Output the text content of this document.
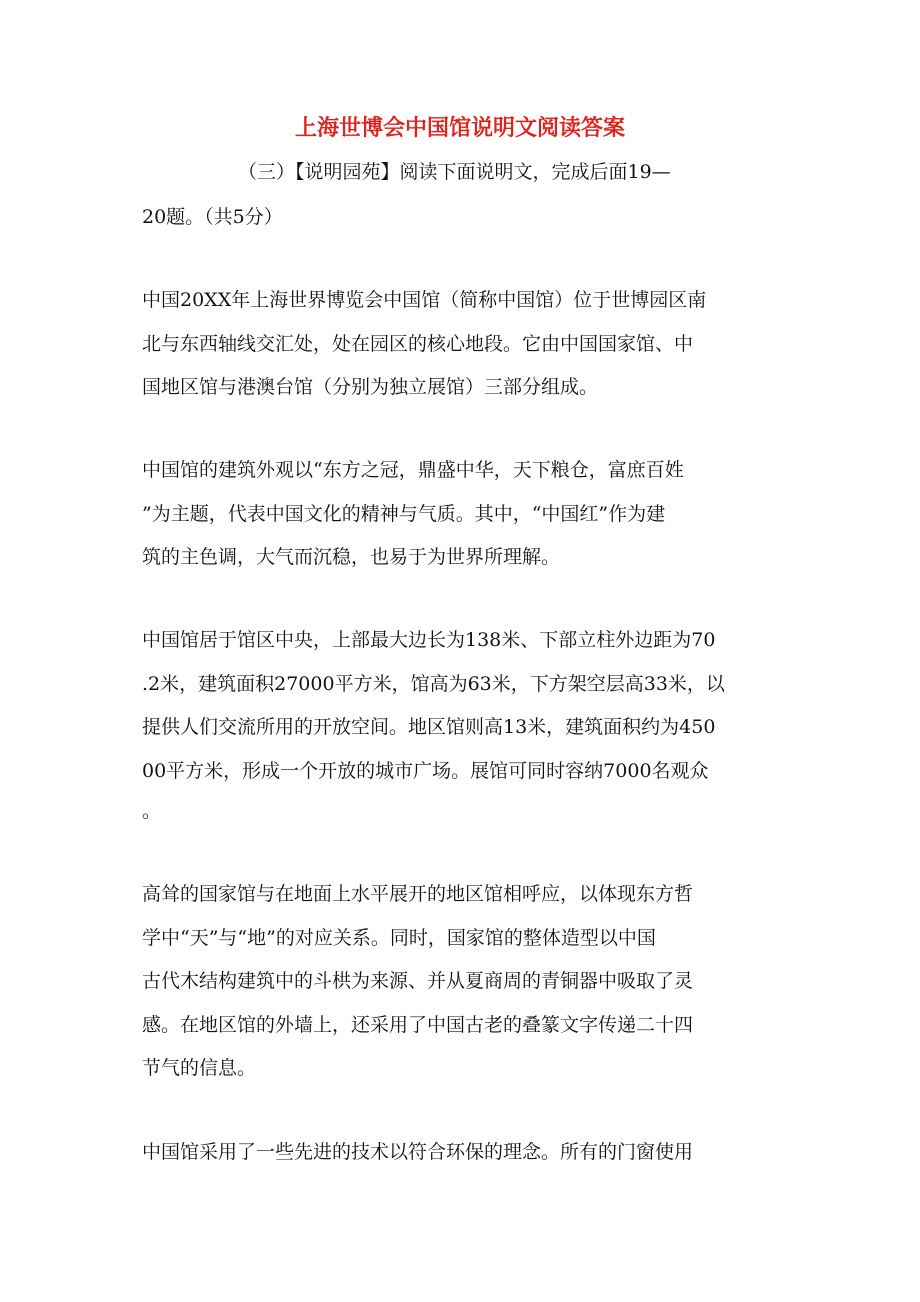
上海世博会中国馆说明文阅读答案
（三）【说明园苑】阅读下面说明文，完成后面19—
20题。（共5分）
中国20XX年上海世界博览会中国馆（简称中国馆）位于世博园区南
北与东西轴线交汇处，处在园区的核心地段。它由中国国家馆、中
国地区馆与港澳台馆（分别为独立展馆）三部分组成。
中国馆的建筑外观以“东方之冠，鼎盛中华，天下粮仓，富庶百姓
”为主题，代表中国文化的精神与气质。其中，“中国红”作为建
筑的主色调，大气而沉稳，也易于为世界所理解。
中国馆居于馆区中央，上部最大边长为138米、下部立柱外边距为70
.2米，建筑面积27000平方米，馆高为63米，下方架空层高33米，以
提供人们交流所用的开放空间。地区馆则高13米，建筑面积约为450
00平方米，形成一个开放的城市广场。展馆可同时容纳7000名观众
。
高耸的国家馆与在地面上水平展开的地区馆相呼应，以体现东方哲
学中“天”与“地”的对应关系。同时，国家馆的整体造型以中国
古代木结构建筑中的斗栱为来源、并从夏商周的青铜器中吸取了灵
感。在地区馆的外墙上，还采用了中国古老的叠篆文字传递二十四
节气的信息。
中国馆采用了一些先进的技术以符合环保的理念。所有的门窗使用
